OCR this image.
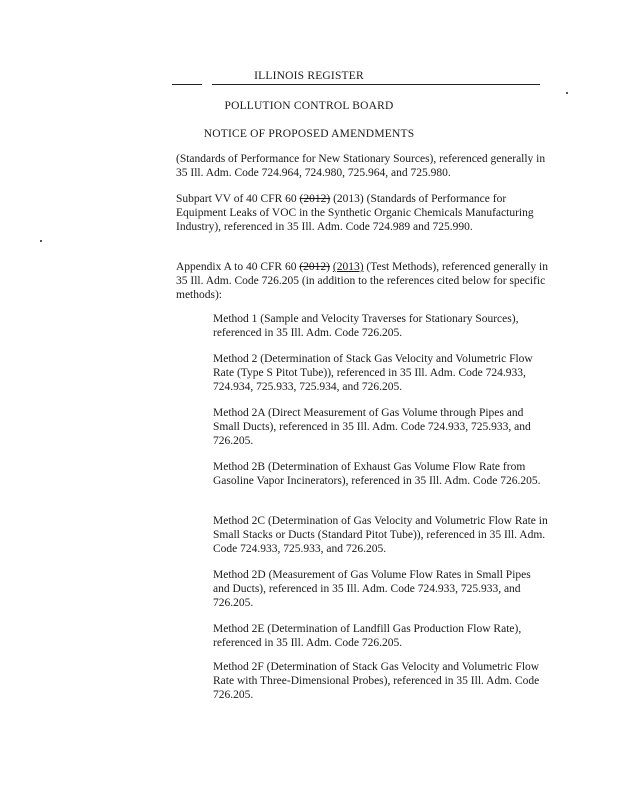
ILLINOIS REGISTER
POLLUTION CONTROL BOARD
NOTICE OF PROPOSED AMENDMENTS
(Standards of Performance for New Stationary Sources), referenced generally in 35 Ill. Adm. Code 724.964, 724.980, 725.964, and 725.980.
Subpart VV of 40 CFR 60 (2012) (2013) (Standards of Performance for Equipment Leaks of VOC in the Synthetic Organic Chemicals Manufacturing Industry), referenced in 35 Ill. Adm. Code 724.989 and 725.990.
Appendix A to 40 CFR 60 (2012) (2013) (Test Methods), referenced generally in 35 Ill. Adm. Code 726.205 (in addition to the references cited below for specific methods):
Method 1 (Sample and Velocity Traverses for Stationary Sources), referenced in 35 Ill. Adm. Code 726.205.
Method 2 (Determination of Stack Gas Velocity and Volumetric Flow Rate (Type S Pitot Tube)), referenced in 35 Ill. Adm. Code 724.933, 724.934, 725.933, 725.934, and 726.205.
Method 2A (Direct Measurement of Gas Volume through Pipes and Small Ducts), referenced in 35 Ill. Adm. Code 724.933, 725.933, and 726.205.
Method 2B (Determination of Exhaust Gas Volume Flow Rate from Gasoline Vapor Incinerators), referenced in 35 Ill. Adm. Code 726.205.
Method 2C (Determination of Gas Velocity and Volumetric Flow Rate in Small Stacks or Ducts (Standard Pitot Tube)), referenced in 35 Ill. Adm. Code 724.933, 725.933, and 726.205.
Method 2D (Measurement of Gas Volume Flow Rates in Small Pipes and Ducts), referenced in 35 Ill. Adm. Code 724.933, 725.933, and 726.205.
Method 2E (Determination of Landfill Gas Production Flow Rate), referenced in 35 Ill. Adm. Code 726.205.
Method 2F (Determination of Stack Gas Velocity and Volumetric Flow Rate with Three-Dimensional Probes), referenced in 35 Ill. Adm. Code 726.205.
